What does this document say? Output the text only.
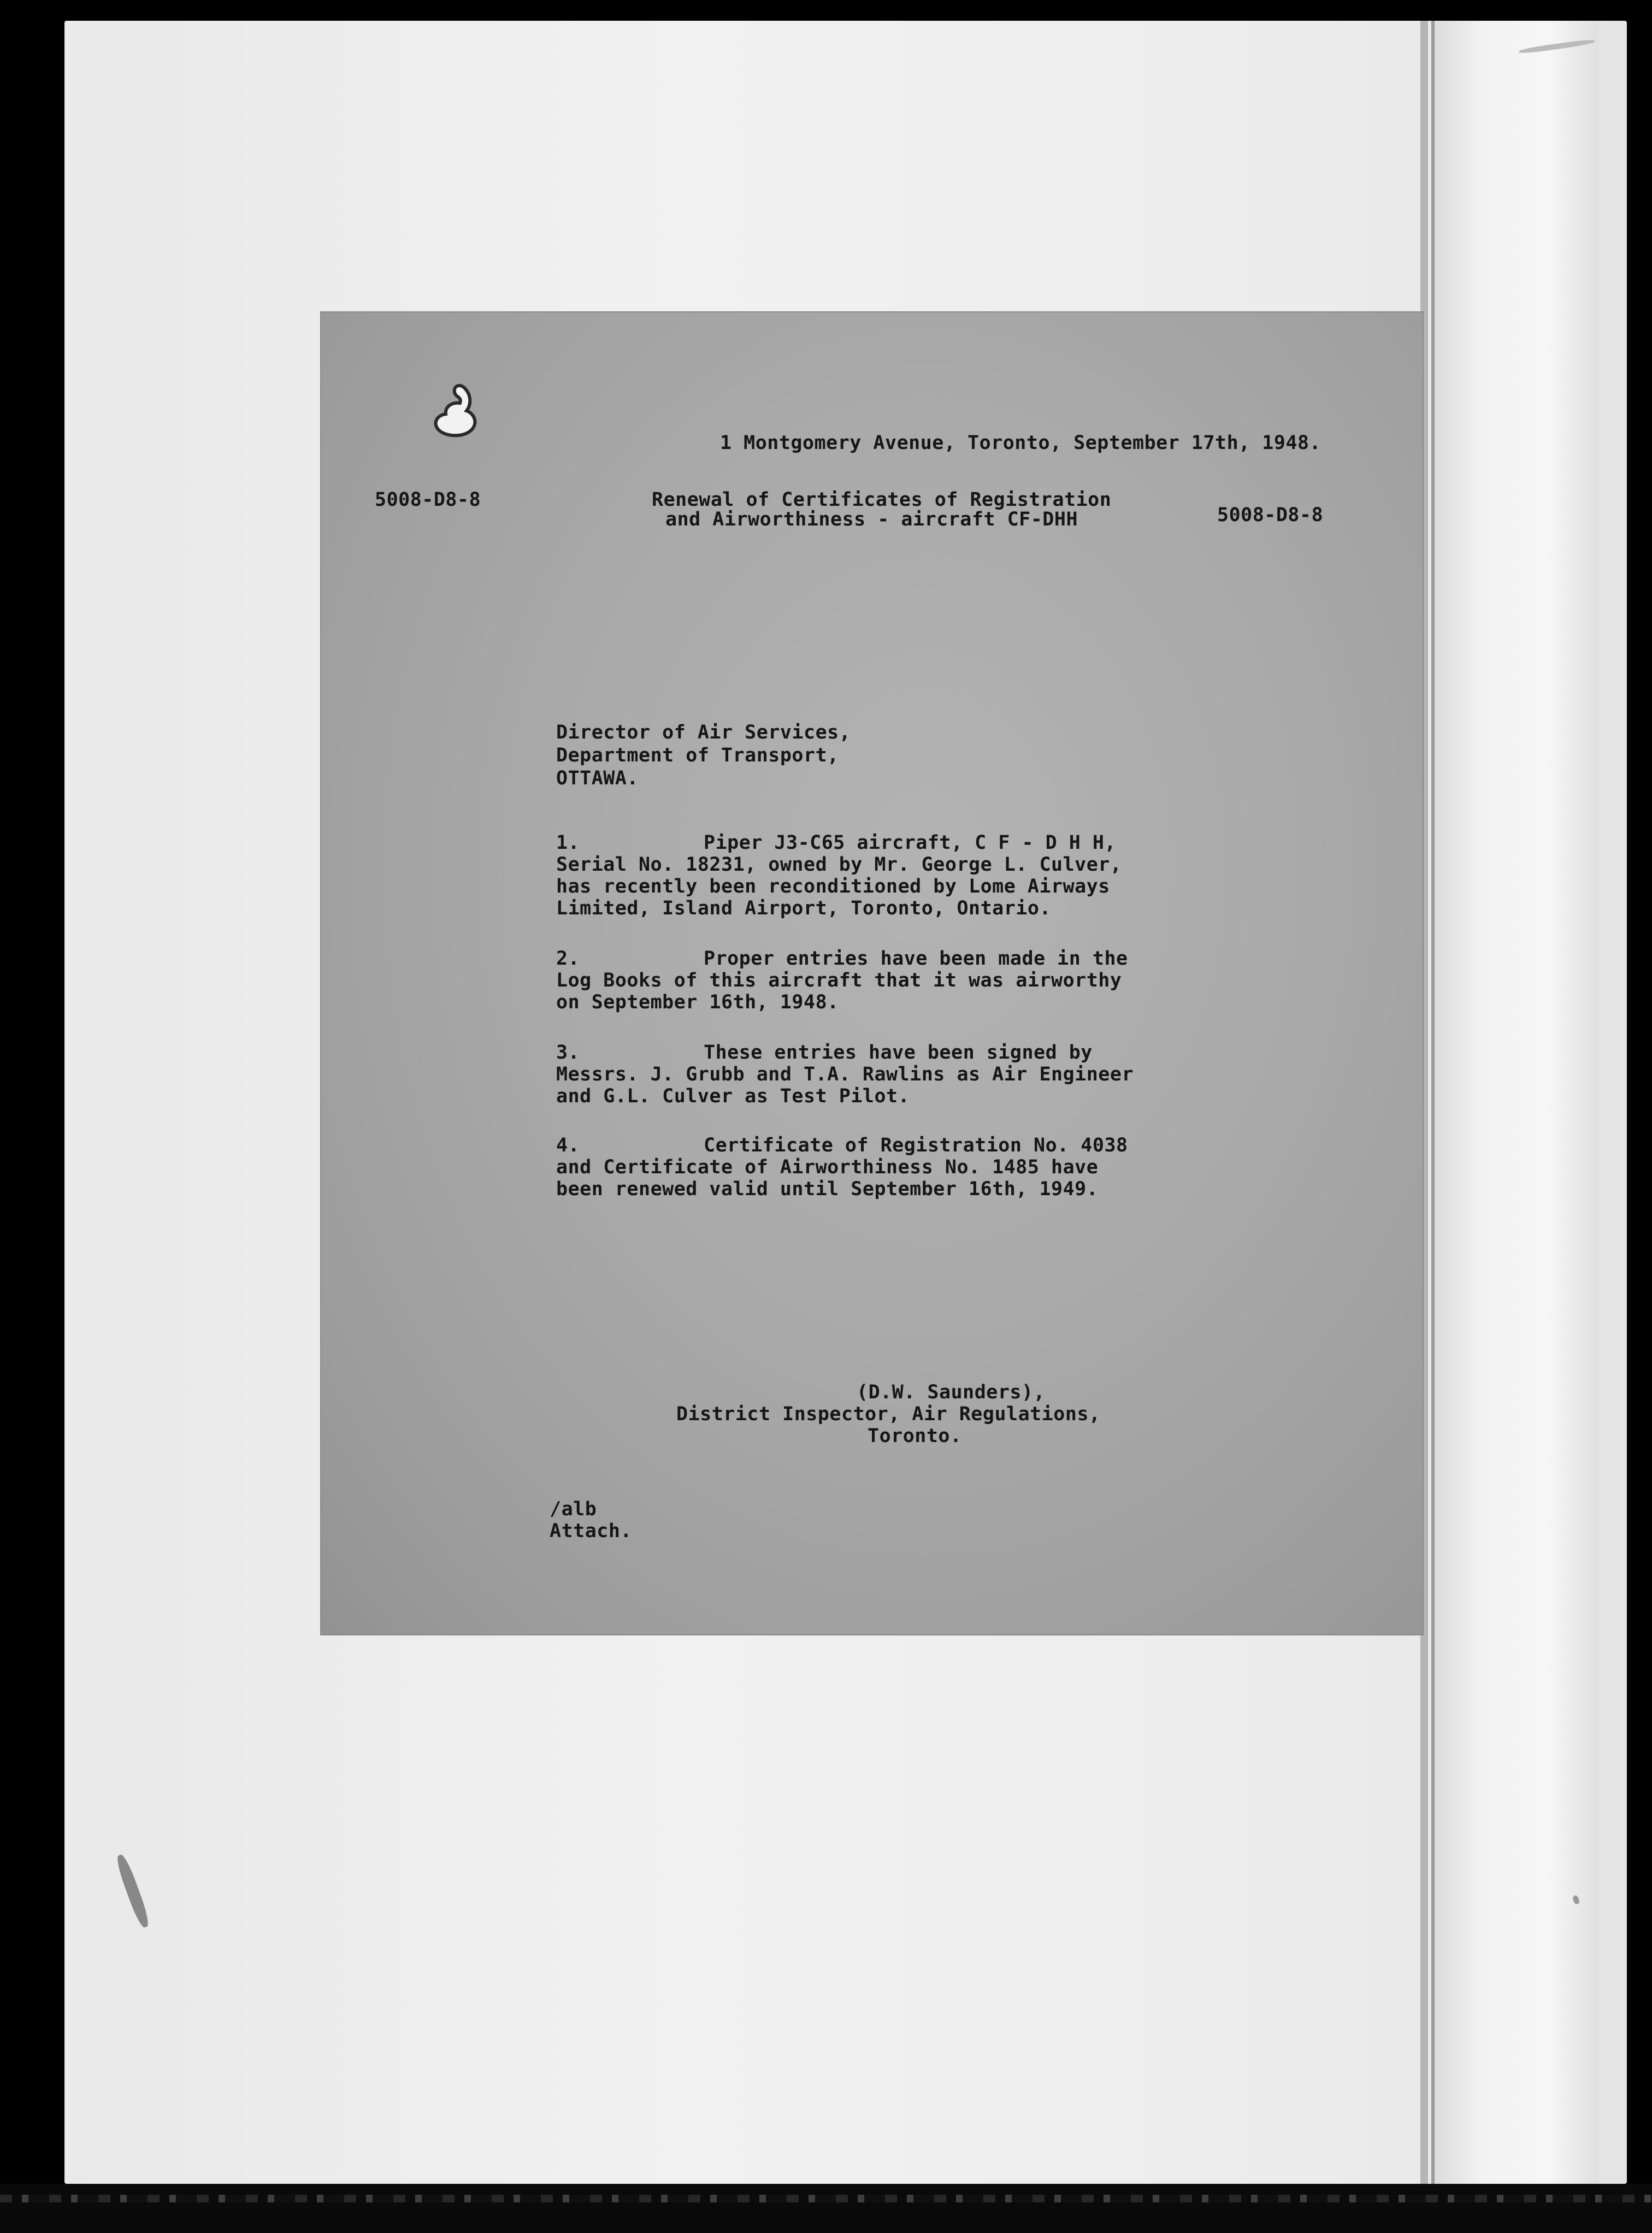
1 Montgomery Avenue, Toronto, September 17th, 1948.
5008-D8-8	Renewal of Certificates of Registration
and Airworthiness - aircraft CF-DHH	5008-D8-8
Director of Air Services,
Department of Transport,
OTTAWA.
1.	Piper J3-C65 aircraft, C F - D H H,
Serial No. 18231, owned by Mr. George L. Culver,
has recently been reconditioned by Lome Airways
Limited, Island Airport, Toronto, Ontario.
2.	Proper entries have been made in the
Log Books of this aircraft that it was airworthy
on September 16th, 1948.
3.	These entries have been signed by
Messrs. J. Grubb and T.A. Rawlins as Air Engineer
and G.L. Culver as Test Pilot.
4.	Certificate of Registration No. 4038
and Certificate of Airworthiness No. 1485 have
been renewed valid until September 16th, 1949.
(D.W. Saunders),
District Inspector, Air Regulations,
Toronto.
/alb
Attach.
